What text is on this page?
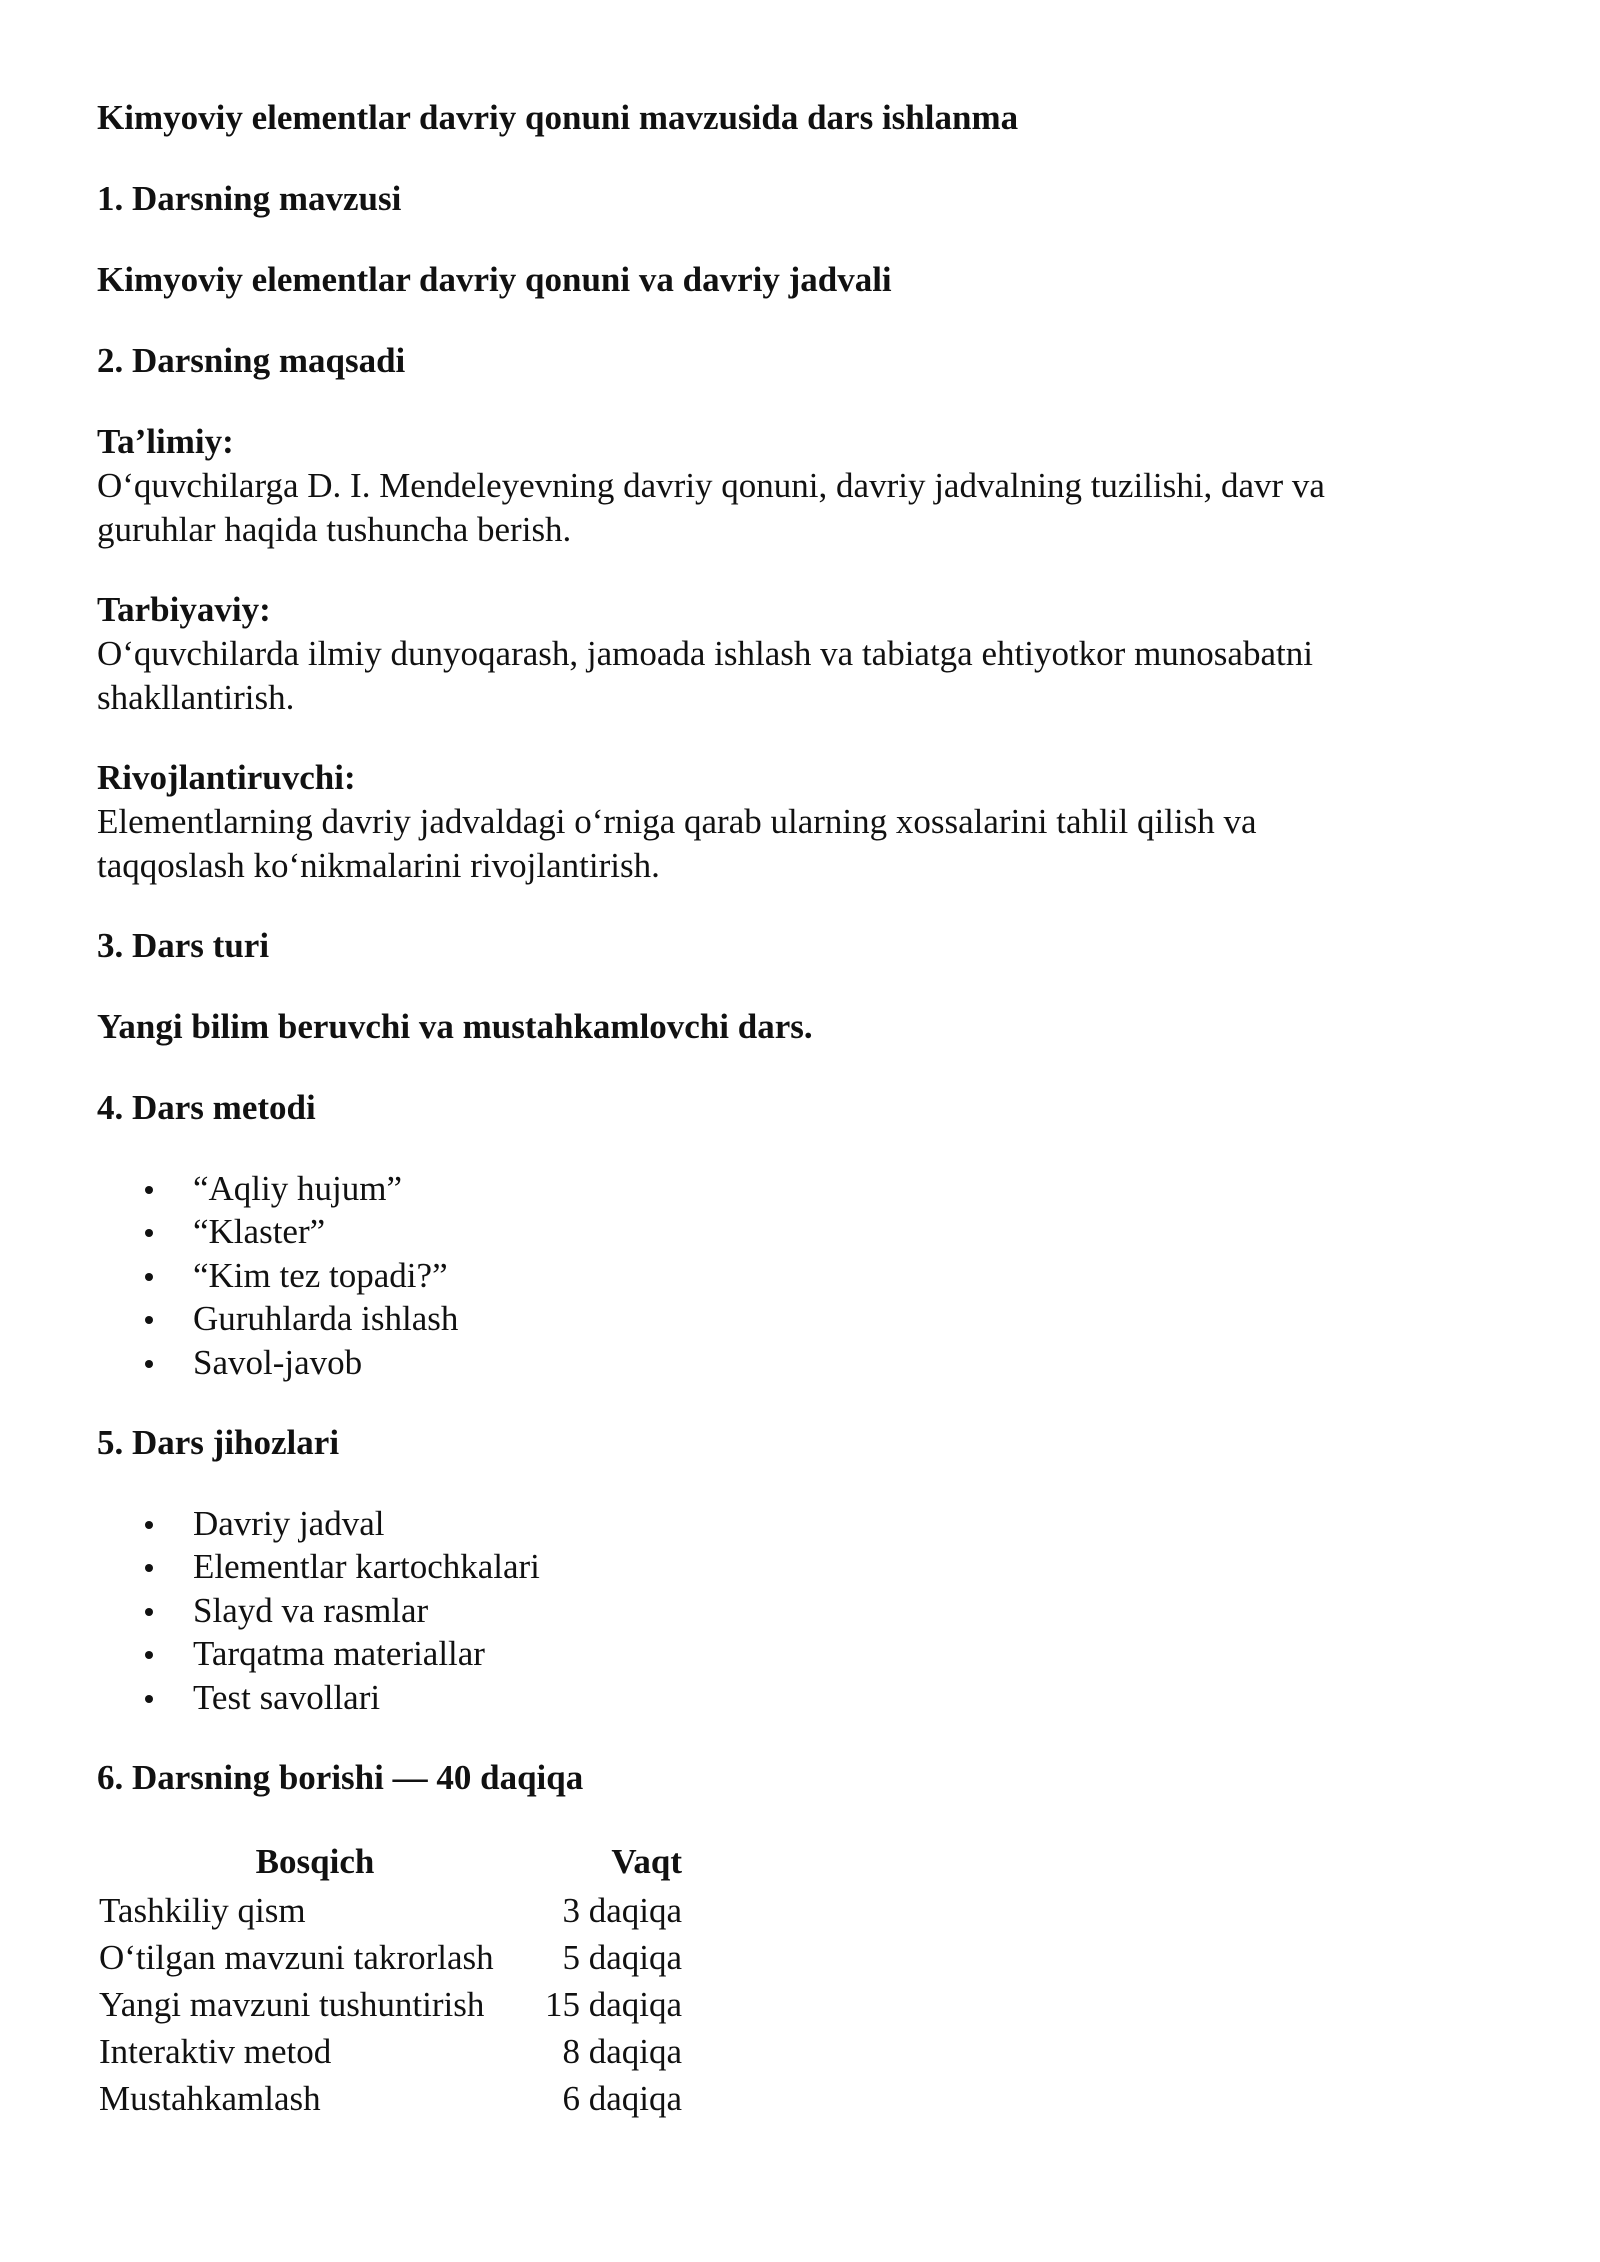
Kimyoviy elementlar davriy qonuni mavzusida dars ishlanma
1. Darsning mavzusi
Kimyoviy elementlar davriy qonuni va davriy jadvali
2. Darsning maqsadi
Ta’limiy:
O‘quvchilarga D. I. Mendeleyevning davriy qonuni, davriy jadvalning tuzilishi, davr va
guruhlar haqida tushuncha berish.
Tarbiyaviy:
O‘quvchilarda ilmiy dunyoqarash, jamoada ishlash va tabiatga ehtiyotkor munosabatni
shakllantirish.
Rivojlantiruvchi:
Elementlarning davriy jadvaldagi o‘rniga qarab ularning xossalarini tahlil qilish va
taqqoslash ko‘nikmalarini rivojlantirish.
3. Dars turi
Yangi bilim beruvchi va mustahkamlovchi dars.
4. Dars metodi
“Aqliy hujum”
“Klaster”
“Kim tez topadi?”
Guruhlarda ishlash
Savol-javob
5. Dars jihozlari
Davriy jadval
Elementlar kartochkalari
Slayd va rasmlar
Tarqatma materiallar
Test savollari
6. Darsning borishi — 40 daqiqa
Bosqich	Vaqt
Tashkiliy qism	3 daqiqa
O‘tilgan mavzuni takrorlash	5 daqiqa
Yangi mavzuni tushuntirish	15 daqiqa
Interaktiv metod	8 daqiqa
Mustahkamlash	6 daqiqa
